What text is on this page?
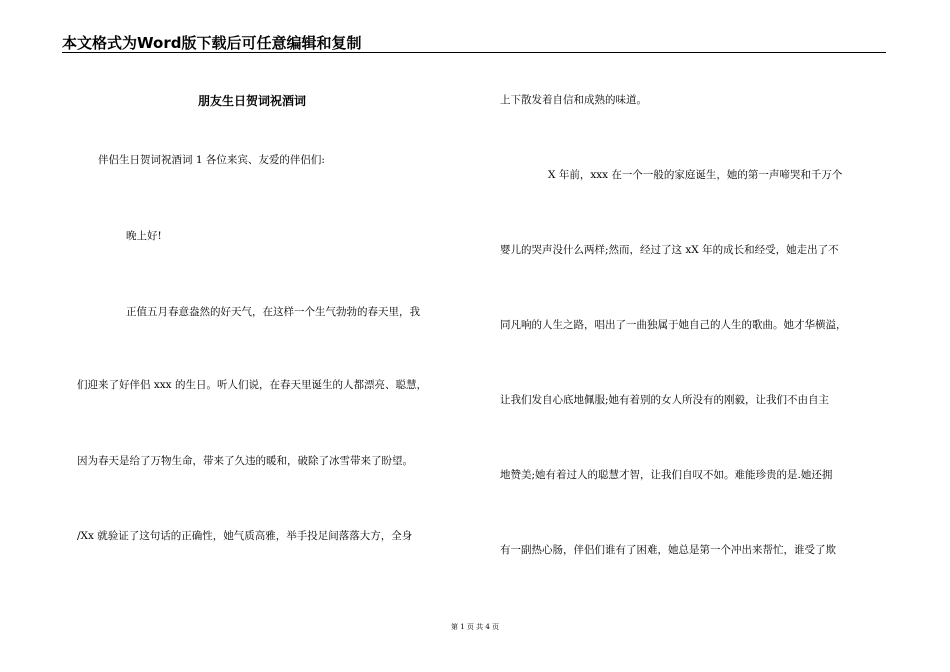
本文格式为Word版下载后可任意编辑和复制
朋友生日贺词祝酒词
伴侣生日贺词祝酒词 1 各位来宾、友爱的伴侣们:
晚上好!
正值五月春意盎然的好天气，在这样一个生气勃勃的春天里，我
们迎来了好伴侣 xxx 的生日。听人们说，在春天里诞生的人都漂亮、聪慧，
因为春天是给了万物生命，带来了久违的暖和，破除了冰雪带来了盼望。
/Xx 就验证了这句话的正确性，她气质高雅，举手投足间落落大方，全身
上下散发着自信和成熟的味道。
X 年前，xxx 在一个一般的家庭诞生，她的第一声啼哭和千万个
婴儿的哭声没什么两样;然而，经过了这 xX 年的成长和经受，她走出了不
同凡响的人生之路，唱出了一曲独属于她自己的人生的歌曲。她才华横溢，
让我们发自心底地佩服;她有着别的女人所没有的刚毅，让我们不由自主
地赞美;她有着过人的聪慧才智，让我们自叹不如。难能珍贵的是.她还拥
有一副热心肠，伴侣们谁有了困难，她总是第一个冲出来帮忙，谁受了欺
第 1 页 共 4 页
